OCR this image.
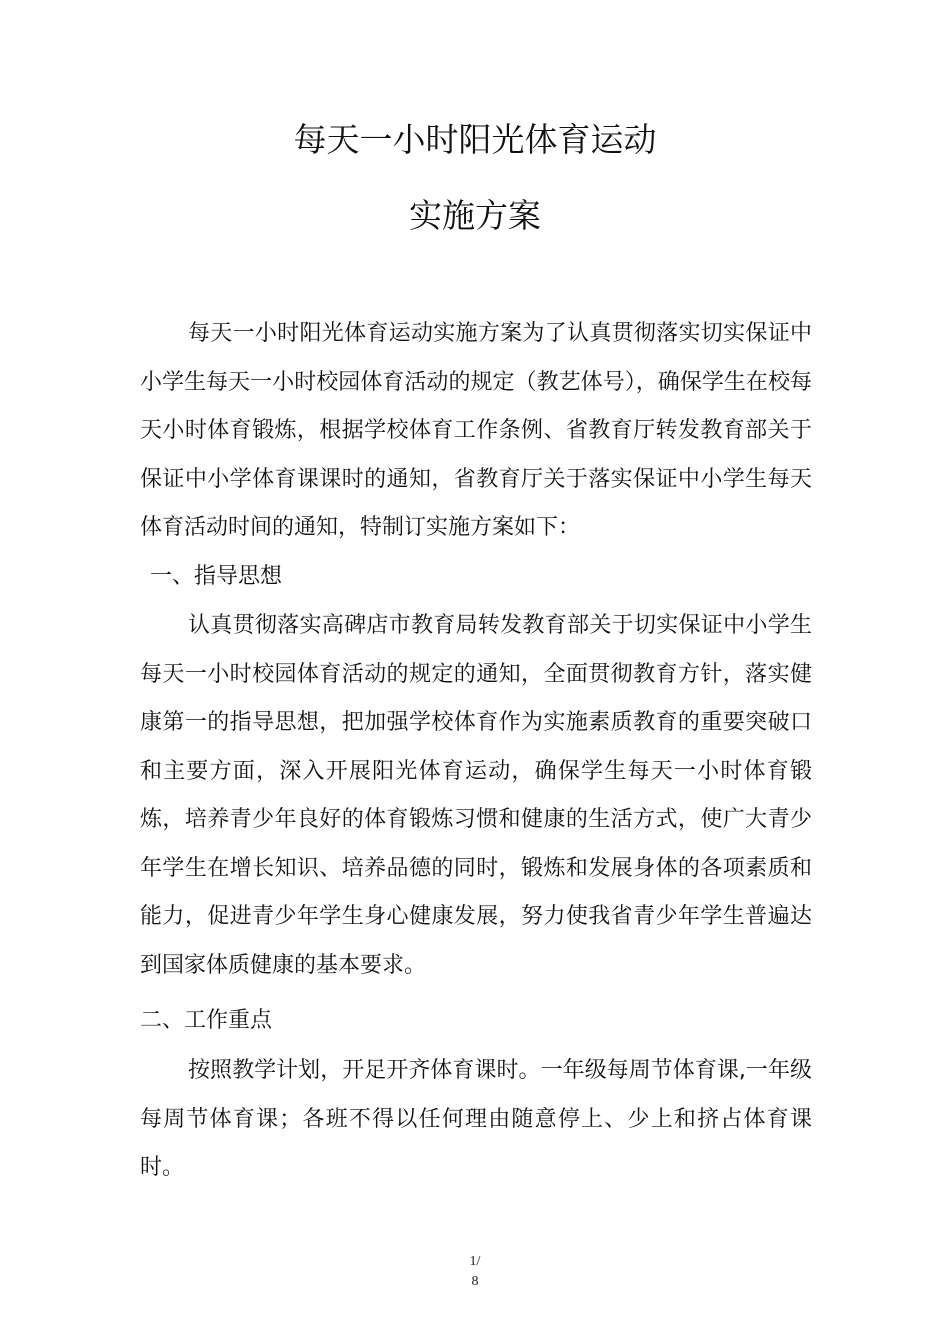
每天一小时阳光体育运动
实施方案

每天一小时阳光体育运动实施方案为了认真贯彻落实切实保证中小学生每天一小时校园体育活动的规定（教艺体号），确保学生在校每天小时体育锻炼，根据学校体育工作条例、省教育厅转发教育部关于保证中小学体育课课时的通知，省教育厅关于落实保证中小学生每天体育活动时间的通知，特制订实施方案如下：

一、指导思想

认真贯彻落实高碑店市教育局转发教育部关于切实保证中小学生每天一小时校园体育活动的规定的通知，全面贯彻教育方针，落实健康第一的指导思想，把加强学校体育作为实施素质教育的重要突破口和主要方面，深入开展阳光体育运动，确保学生每天一小时体育锻炼，培养青少年良好的体育锻炼习惯和健康的生活方式，使广大青少年学生在增长知识、培养品德的同时，锻炼和发展身体的各项素质和能力，促进青少年学生身心健康发展，努力使我省青少年学生普遍达到国家体质健康的基本要求。

二、工作重点

按照教学计划，开足开齐体育课时。一年级每周节体育课,一年级每周节体育课；各班不得以任何理由随意停上、少上和挤占体育课时。

1/
8
